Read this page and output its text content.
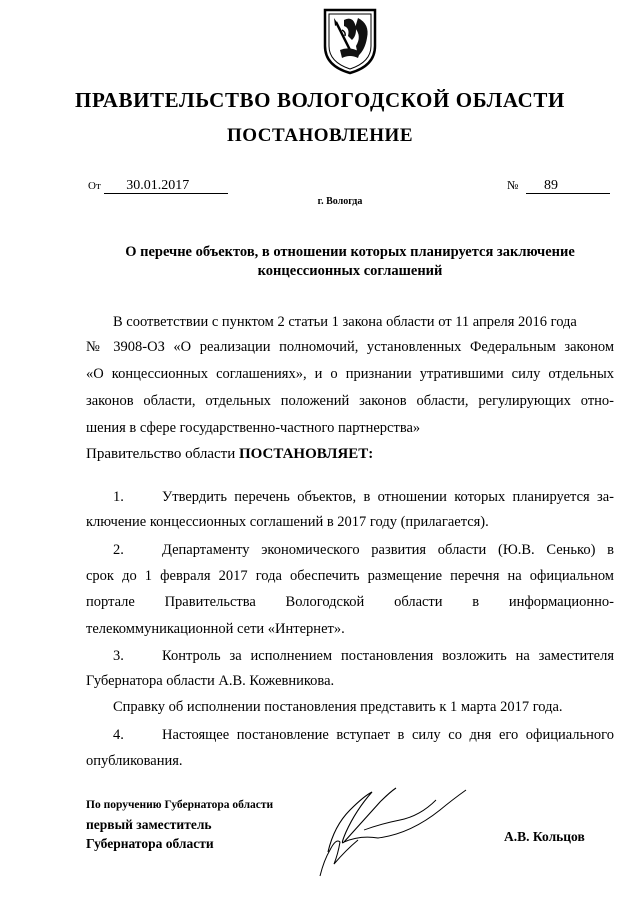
ПРАВИТЕЛЬСТВО ВОЛОГОДСКОЙ ОБЛАСТИ
ПОСТАНОВЛЕНИЕ
От 30.01.2017	№ 89
г. Вологда
О перечне объектов, в отношении которых планируется заключение
концессионных соглашений
В соответствии с пунктом 2 статьи 1 закона области от 11 апреля 2016 года
№ 3908-ОЗ «О реализации полномочий, установленных Федеральным законом
«О концессионных соглашениях», и о признании утратившими силу отдельных
законов области, отдельных положений законов области, регулирующих отно-
шения в сфере государственно-частного партнерства»
Правительство области ПОСТАНОВЛЯЕТ:
1.	Утвердить перечень объектов, в отношении которых планируется за-
ключение концессионных соглашений в 2017 году (прилагается).
2.	Департаменту экономического развития области (Ю.В. Сенько) в
срок до 1 февраля 2017 года обеспечить размещение перечня на официальном
портале Правительства Вологодской области в информационно-
телекоммуникационной сети «Интернет».
3.	Контроль за исполнением постановления возложить на заместителя
Губернатора области А.В. Кожевникова.
Справку об исполнении постановления представить к 1 марта 2017 года.
4.	Настоящее постановление вступает в силу со дня его официального
опубликования.
По поручению Губернатора области
первый заместитель
Губернатора области	А.В. Кольцов
